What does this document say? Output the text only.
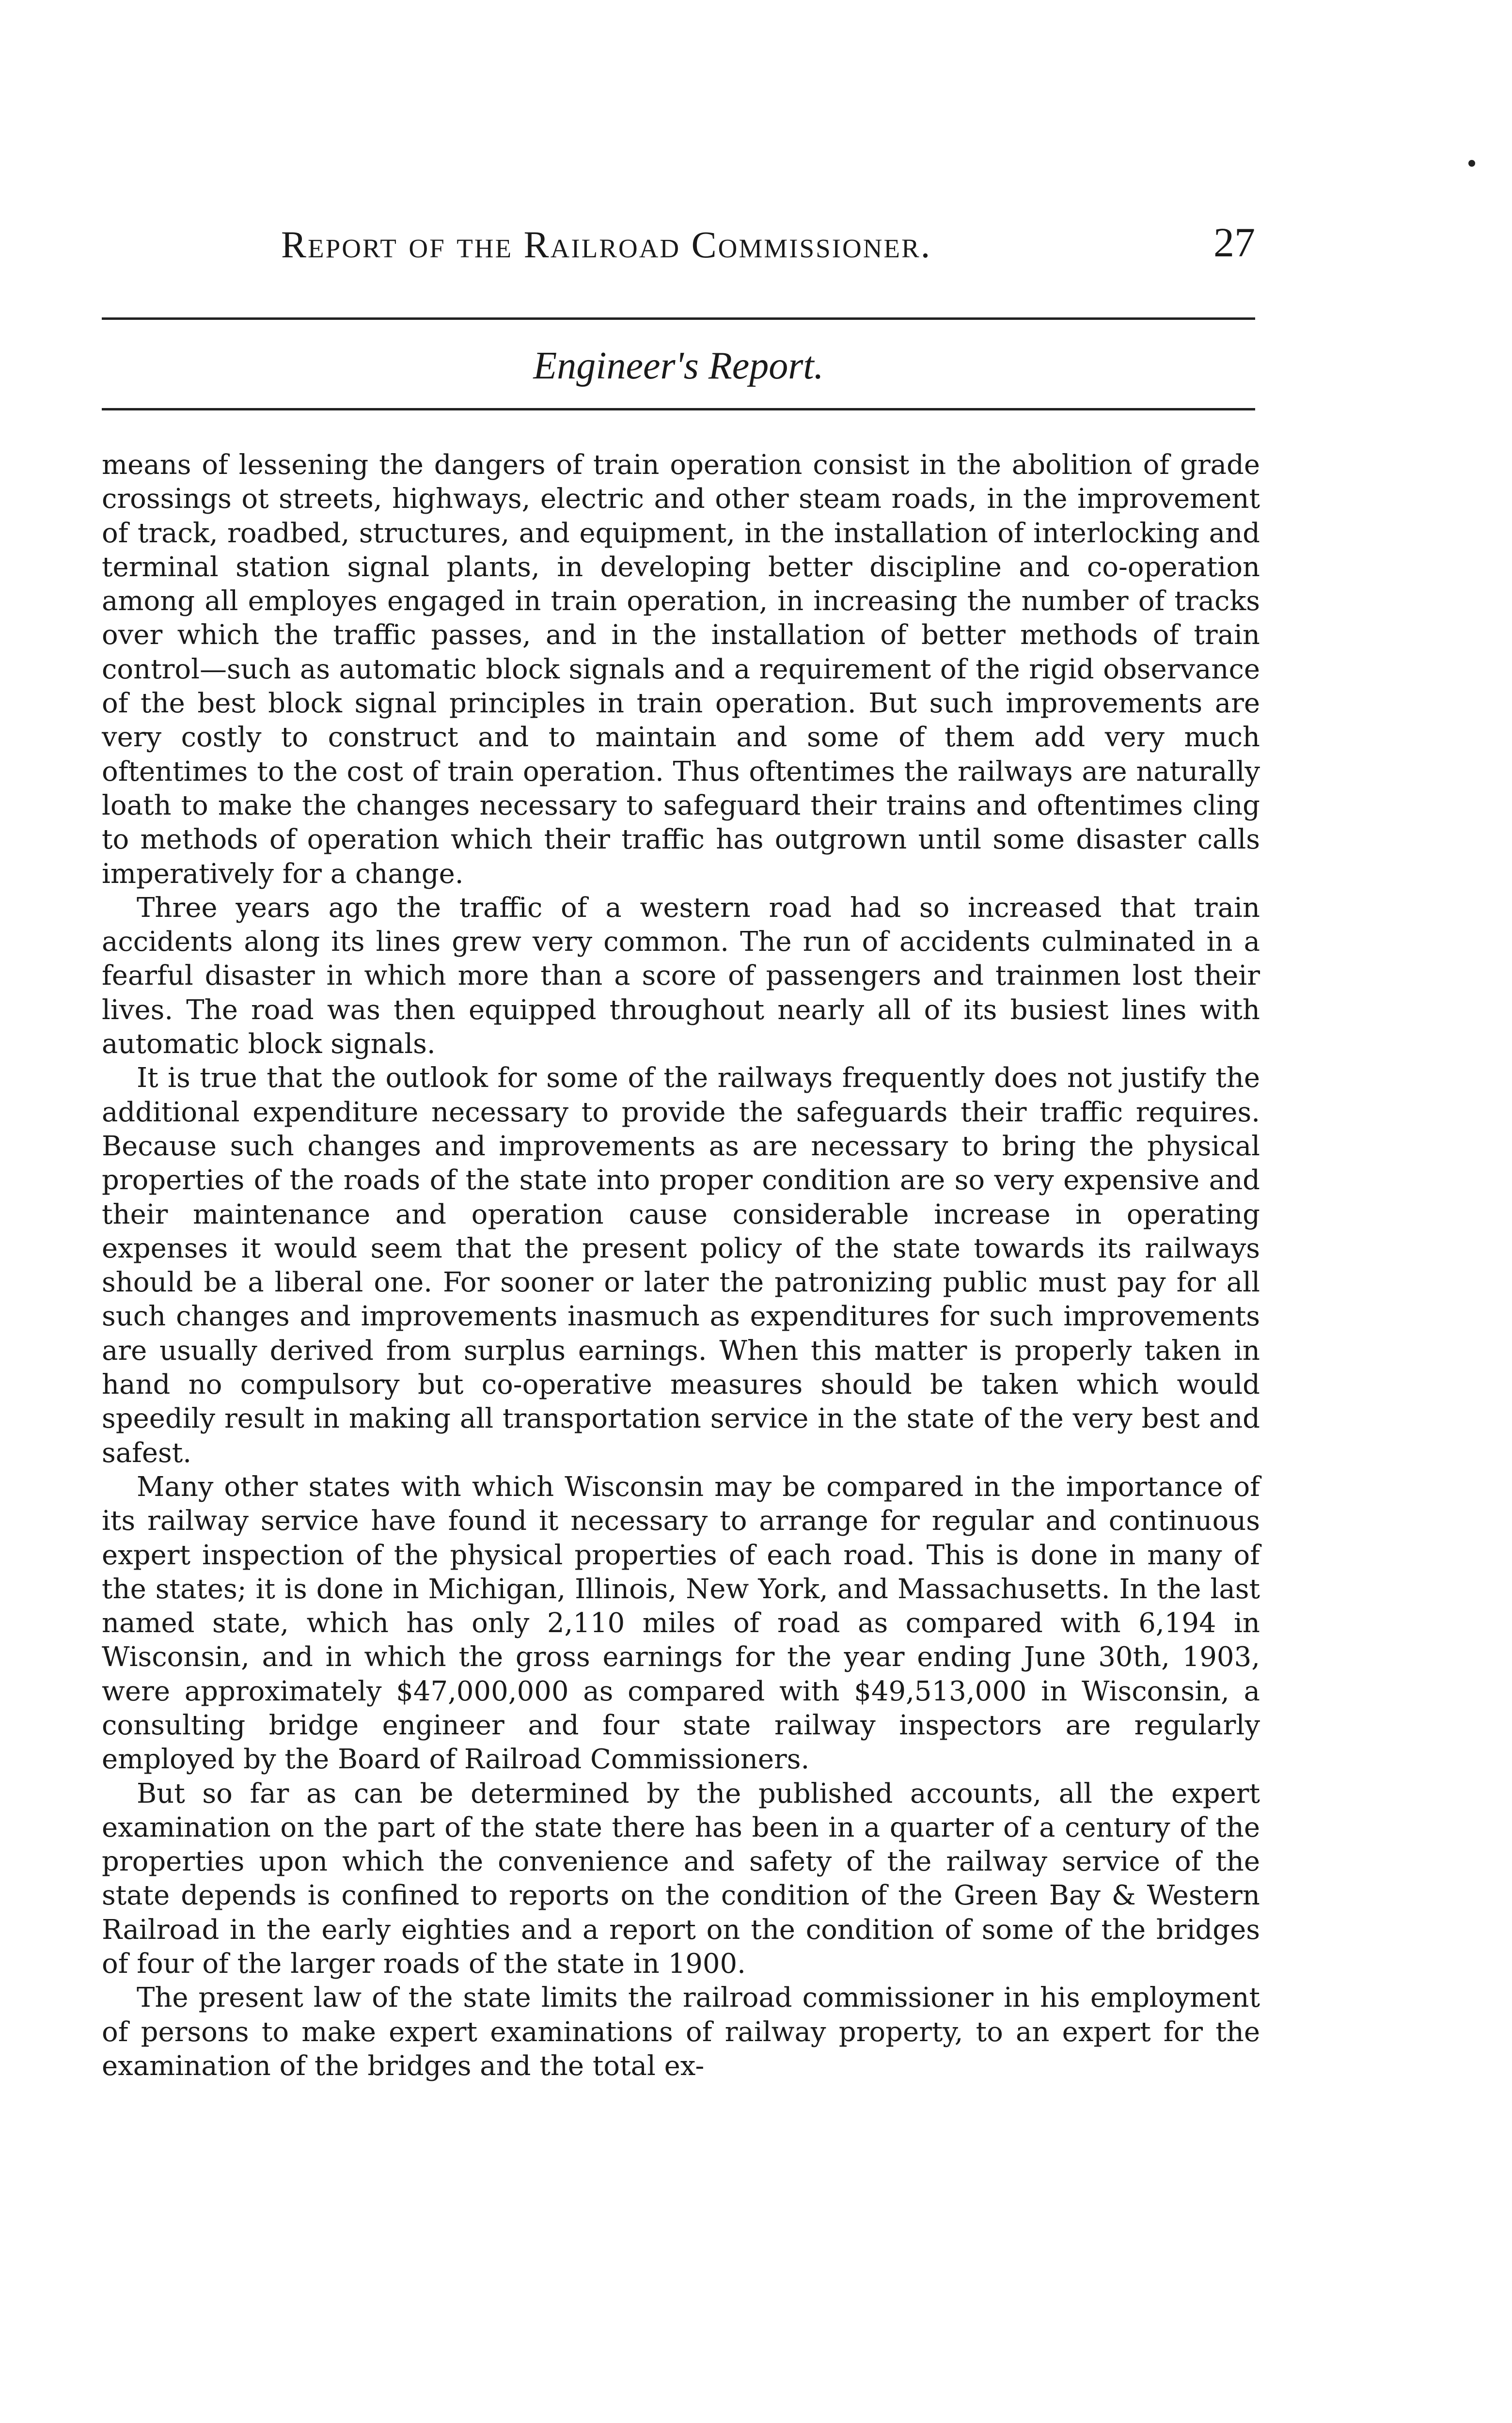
Report of the Railroad Commissioner.	27
Engineer's Report.

means of lessening the dangers of train operation consist in the abolition of grade crossings ot streets, highways, electric and other steam roads, in the improvement of track, roadbed, structures, and equipment, in the installation of interlocking and terminal station signal plants, in developing better discipline and co-operation among all employes engaged in train operation, in increasing the number of tracks over which the traffic passes, and in the installation of better methods of train control—such as automatic block signals and a requirement of the rigid observance of the best block signal principles in train operation. But such improvements are very costly to construct and to maintain and some of them add very much oftentimes to the cost of train operation. Thus oftentimes the railways are naturally loath to make the changes necessary to safeguard their trains and oftentimes cling to methods of operation which their traffic has outgrown until some disaster calls imperatively for a change.

Three years ago the traffic of a western road had so increased that train accidents along its lines grew very common. The run of accidents culminated in a fearful disaster in which more than a score of passengers and trainmen lost their lives. The road was then equipped throughout nearly all of its busiest lines with automatic block signals.

It is true that the outlook for some of the railways frequently does not justify the additional expenditure necessary to provide the safeguards their traffic requires. Because such changes and improvements as are necessary to bring the physical properties of the roads of the state into proper condition are so very expensive and their maintenance and operation cause considerable increase in operating expenses it would seem that the present policy of the state towards its railways should be a liberal one. For sooner or later the patronizing public must pay for all such changes and improvements inasmuch as expenditures for such improvements are usually derived from surplus earnings. When this matter is properly taken in hand no compulsory but co-operative measures should be taken which would speedily result in making all transportation service in the state of the very best and safest.

Many other states with which Wisconsin may be compared in the importance of its railway service have found it necessary to arrange for regular and continuous expert inspection of the physical properties of each road. This is done in many of the states; it is done in Michigan, Illinois, New York, and Massachusetts. In the last named state, which has only 2,110 miles of road as compared with 6,194 in Wisconsin, and in which the gross earnings for the year ending June 30th, 1903, were approximately $47,000,000 as compared with $49,513,000 in Wisconsin, a consulting bridge engineer and four state railway inspectors are regularly employed by the Board of Railroad Commissioners.

But so far as can be determined by the published accounts, all the expert examination on the part of the state there has been in a quarter of a century of the properties upon which the convenience and safety of the railway service of the state depends is confined to reports on the condition of the Green Bay & Western Railroad in the early eighties and a report on the condition of some of the bridges of four of the larger roads of the state in 1900.

The present law of the state limits the railroad commissioner in his employment of persons to make expert examinations of railway property, to an expert for the examination of the bridges and the total ex-
